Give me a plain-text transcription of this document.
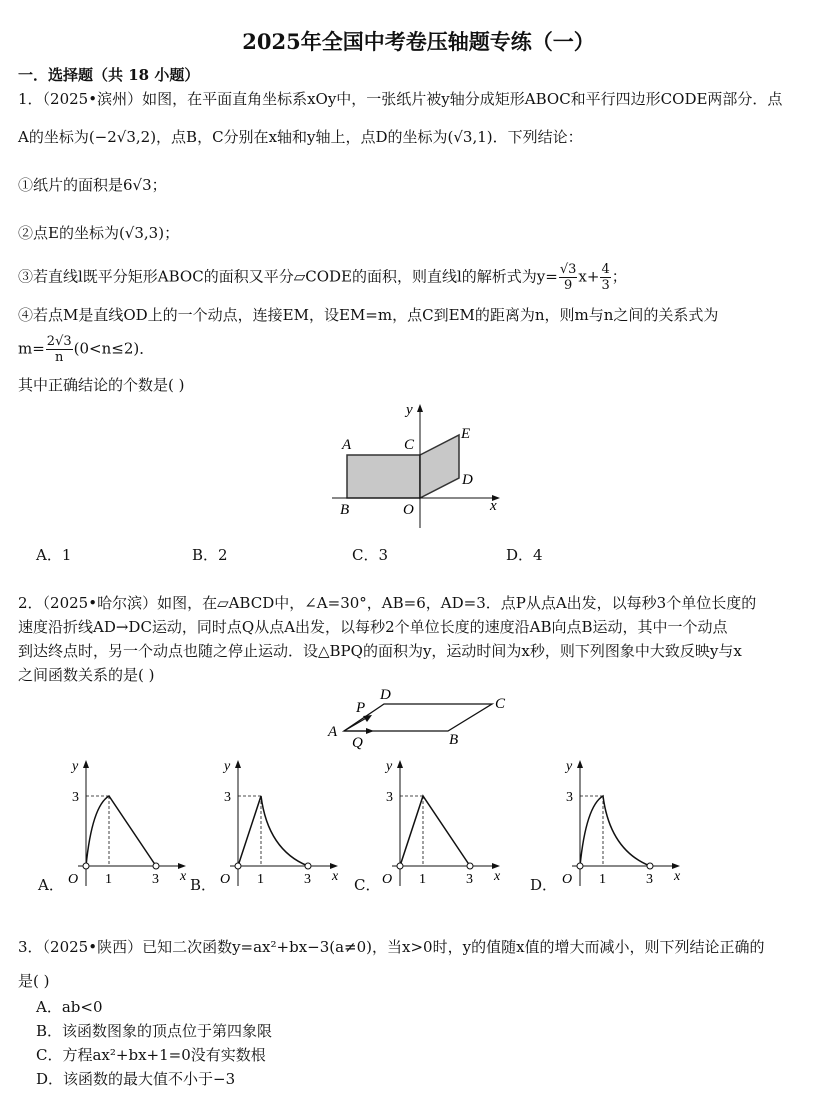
2025年全国中考卷压轴题专练（一）
一．选择题（共 18 小题）
1．（2025•滨州）如图，在平面直角坐标系xOy中，一张纸片被y轴分成矩形ABOC和平行四边形CODE两部分．点
A的坐标为(−2√3,2)，点B，C分别在x轴和y轴上，点D的坐标为(√3,1)．下列结论：
①纸片的面积是6√3；
②点E的坐标为(√3,3)；
③若直线l既平分矩形ABOC的面积又平分▱CODE的面积，则直线l的解析式为$y= \frac{√3}{9} x+ \frac{4}{3}$ ；
④若点M是直线OD上的一个动点，连接EM，设EM=m，点C到EM的距离为n，则m与n之间的关系式为
$m= \frac{2√3}{n} (0<n\le 2)$．
其中正确结论的个数是( )
y
A	C
E
D
B	O	x
A．1	B．2	C．3	D．4
2．（2025•哈尔滨）如图，在▱ABCD中，∠A=30°，AB=6，AD=3．点P从点A出发，以每秒3个单位长度的
速度沿折线AD→DC运动，同时点Q从点A出发，以每秒2个单位长度的速度沿AB向点B运动，其中一个动点
到达终点时，另一个动点也随之停止运动．设△BPQ的面积为y，运动时间为x秒，则下列图象中大致反映y与x
之间函数关系的是( )
D
C
P
A
Q	B
A．
y
3
O 1	3 x B．
y
3
O 1	3 x C．
y
3
O 1	3 x D．
y
3
O 1	3 x
3．（2025•陕西）已知二次函数y=ax²+bx−3(a≠0)，当x>0时，y的值随x值的增大而减小，则下列结论正确的
是( )
A．ab<0
B．该函数图象的顶点位于第四象限
C．方程ax²+bx+1=0没有实数根
D．该函数的最大值不小于−3
